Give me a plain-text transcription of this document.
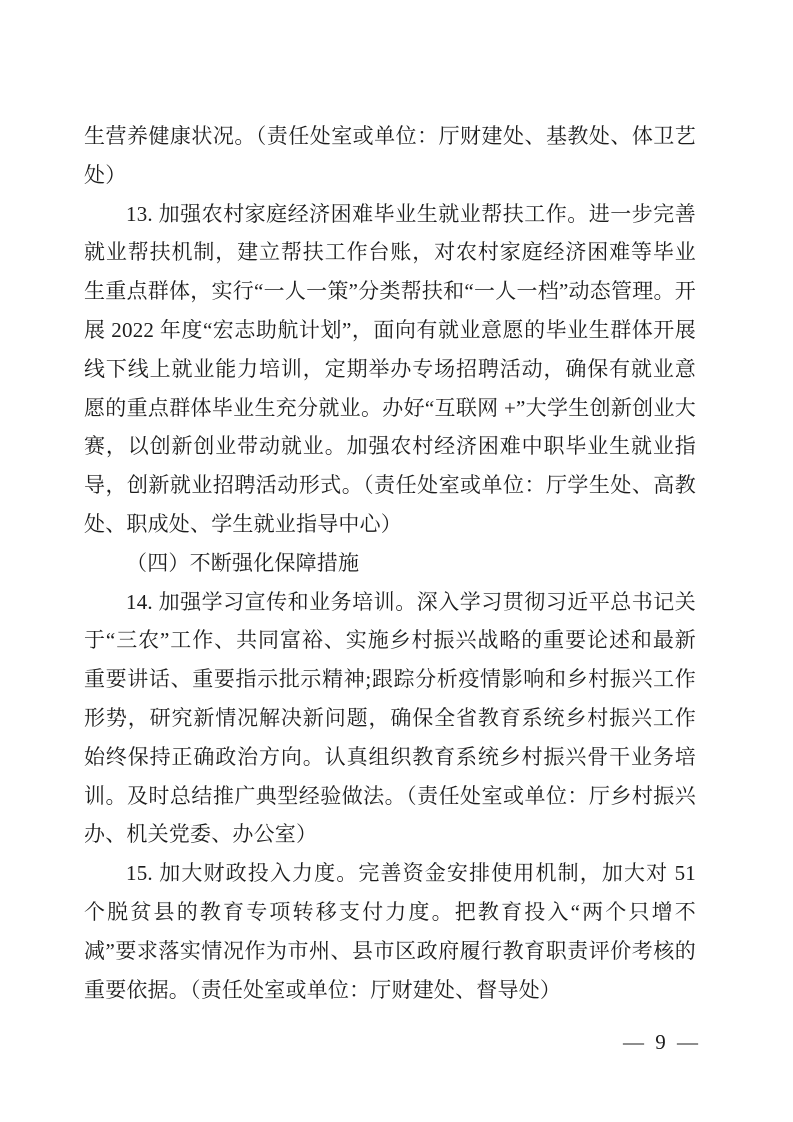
生营养健康状况。（责任处室或单位：厅财建处、基教处、体卫艺处）

13. 加强农村家庭经济困难毕业生就业帮扶工作。进一步完善就业帮扶机制，建立帮扶工作台账，对农村家庭经济困难等毕业生重点群体，实行“一人一策”分类帮扶和“一人一档”动态管理。开展 2022 年度“宏志助航计划”，面向有就业意愿的毕业生群体开展线下线上就业能力培训，定期举办专场招聘活动，确保有就业意愿的重点群体毕业生充分就业。办好“互联网 +”大学生创新创业大赛，以创新创业带动就业。加强农村经济困难中职毕业生就业指导，创新就业招聘活动形式。（责任处室或单位：厅学生处、高教处、职成处、学生就业指导中心）

（四）不断强化保障措施

14. 加强学习宣传和业务培训。深入学习贯彻习近平总书记关于“三农”工作、共同富裕、实施乡村振兴战略的重要论述和最新重要讲话、重要指示批示精神;跟踪分析疫情影响和乡村振兴工作形势，研究新情况解决新问题，确保全省教育系统乡村振兴工作始终保持正确政治方向。认真组织教育系统乡村振兴骨干业务培训。及时总结推广典型经验做法。（责任处室或单位：厅乡村振兴办、机关党委、办公室）

15. 加大财政投入力度。完善资金安排使用机制，加大对 51 个脱贫县的教育专项转移支付力度。把教育投入“两个只增不减”要求落实情况作为市州、县市区政府履行教育职责评价考核的重要依据。（责任处室或单位：厅财建处、督导处）

— 9 —
